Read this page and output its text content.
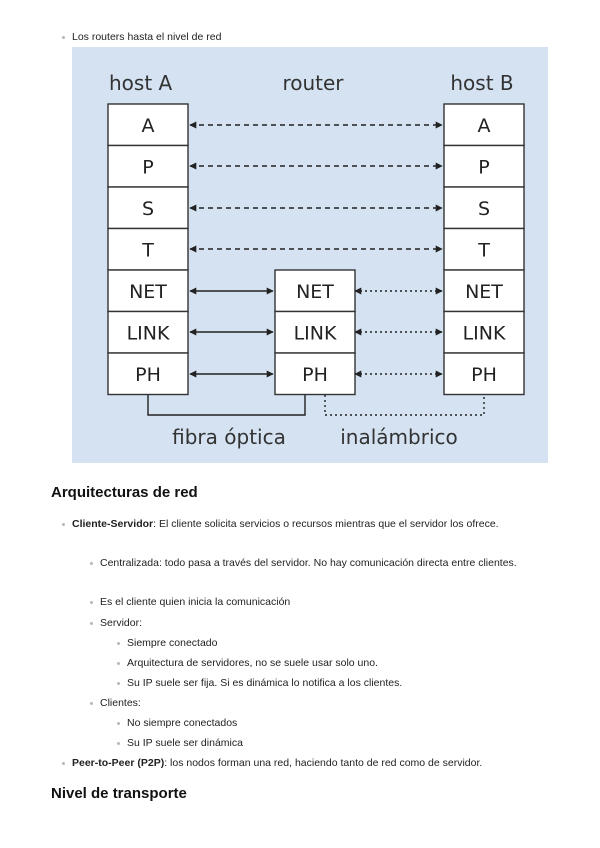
Los routers hasta el nivel de red
host A	router	host B
A
P
S
T
NET
LINK
PH
NET
LINK
PH
A
P
S
T
NET
LINK
PH
fibra óptica	inalámbrico
Arquitecturas de red
Cliente-Servidor: El cliente solicita servicios o recursos mientras que el servidor los ofrece.
Centralizada: todo pasa a través del servidor. No hay comunicación directa entre clientes.
Es el cliente quien inicia la comunicación
Servidor:
Siempre conectado
Arquitectura de servidores, no se suele usar solo uno.
Su IP suele ser fija. Si es dinámica lo notifica a los clientes.
Clientes:
No siempre conectados
Su IP suele ser dinámica
Peer-to-Peer (P2P): los nodos forman una red, haciendo tanto de red como de servidor.
Nivel de transporte
